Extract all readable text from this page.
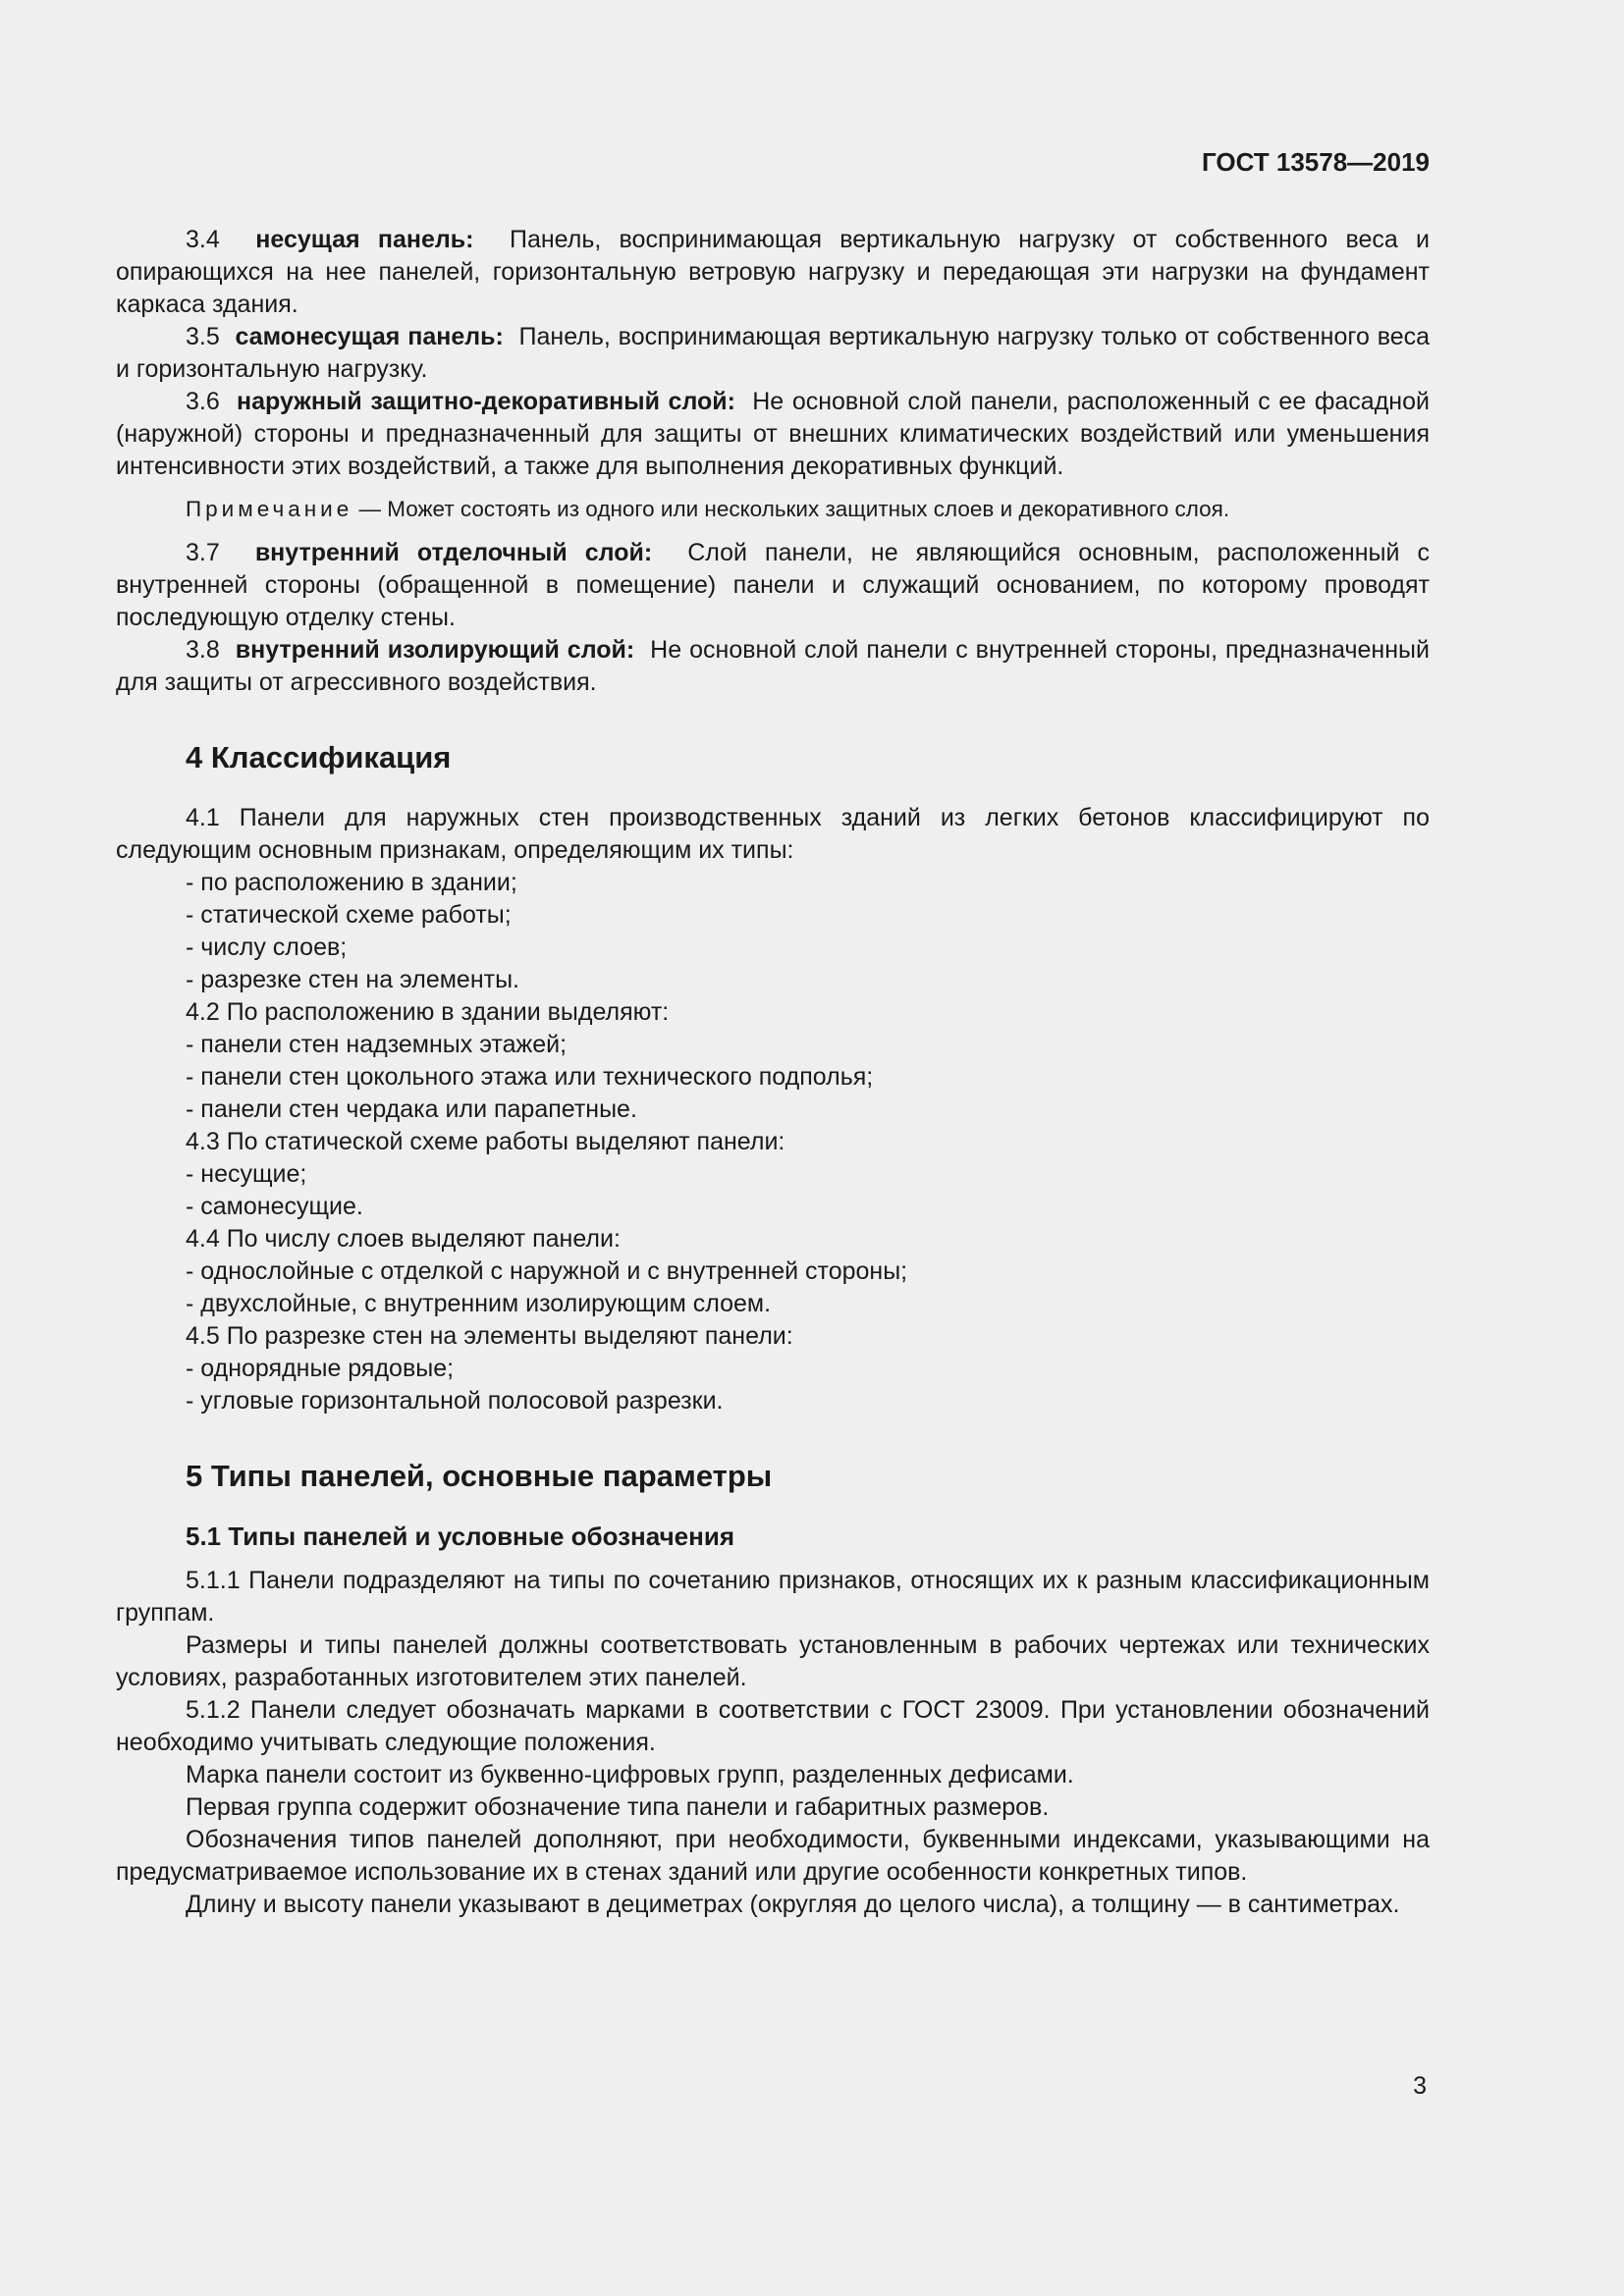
ГОСТ 13578—2019

3.4 несущая панель: Панель, воспринимающая вертикальную нагрузку от собственного веса и опирающихся на нее панелей, горизонтальную ветровую нагрузку и передающая эти нагрузки на фундамент каркаса здания.

3.5 самонесущая панель: Панель, воспринимающая вертикальную нагрузку только от собственного веса и горизонтальную нагрузку.

3.6 наружный защитно-декоративный слой: Не основной слой панели, расположенный с ее фасадной (наружной) стороны и предназначенный для защиты от внешних климатических воздействий или уменьшения интенсивности этих воздействий, а также для выполнения декоративных функций.

Примечание — Может состоять из одного или нескольких защитных слоев и декоративного слоя.

3.7 внутренний отделочный слой: Слой панели, не являющийся основным, расположенный с внутренней стороны (обращенной в помещение) панели и служащий основанием, по которому проводят последующую отделку стены.

3.8 внутренний изолирующий слой: Не основной слой панели с внутренней стороны, предназначенный для защиты от агрессивного воздействия.

4 Классификация

4.1 Панели для наружных стен производственных зданий из легких бетонов классифицируют по следующим основным признакам, определяющим их типы:

- по расположению в здании;

- статической схеме работы;

- числу слоев;

- разрезке стен на элементы.

4.2 По расположению в здании выделяют:

- панели стен надземных этажей;

- панели стен цокольного этажа или технического подполья;

- панели стен чердака или парапетные.

4.3 По статической схеме работы выделяют панели:

- несущие;

- самонесущие.

4.4 По числу слоев выделяют панели:

- однослойные с отделкой с наружной и с внутренней стороны;

- двухслойные, с внутренним изолирующим слоем.

4.5 По разрезке стен на элементы выделяют панели:

- однорядные рядовые;

- угловые горизонтальной полосовой разрезки.

5 Типы панелей, основные параметры

5.1 Типы панелей и условные обозначения

5.1.1 Панели подразделяют на типы по сочетанию признаков, относящих их к разным классификационным группам.

Размеры и типы панелей должны соответствовать установленным в рабочих чертежах или технических условиях, разработанных изготовителем этих панелей.

5.1.2 Панели следует обозначать марками в соответствии с ГОСТ 23009. При установлении обозначений необходимо учитывать следующие положения.

Марка панели состоит из буквенно-цифровых групп, разделенных дефисами.

Первая группа содержит обозначение типа панели и габаритных размеров.

Обозначения типов панелей дополняют, при необходимости, буквенными индексами, указывающими на предусматриваемое использование их в стенах зданий или другие особенности конкретных типов.

Длину и высоту панели указывают в дециметрах (округляя до целого числа), а толщину — в сантиметрах.

3
